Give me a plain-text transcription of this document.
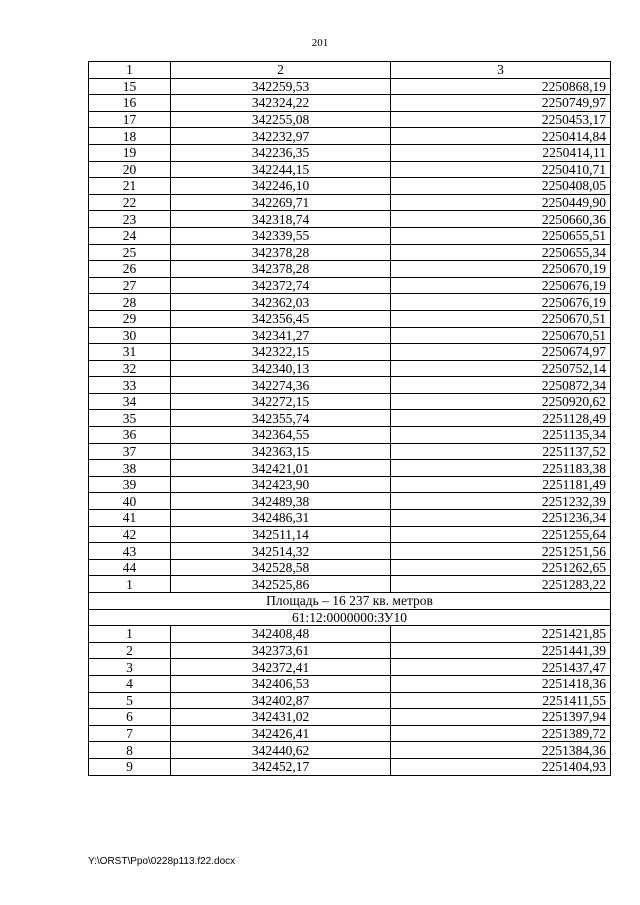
201
1	2	3
15	342259,53	2250868,19
16	342324,22	2250749,97
17	342255,08	2250453,17
18	342232,97	2250414,84
19	342236,35	2250414,11
20	342244,15	2250410,71
21	342246,10	2250408,05
22	342269,71	2250449,90
23	342318,74	2250660,36
24	342339,55	2250655,51
25	342378,28	2250655,34
26	342378,28	2250670,19
27	342372,74	2250676,19
28	342362,03	2250676,19
29	342356,45	2250670,51
30	342341,27	2250670,51
31	342322,15	2250674,97
32	342340,13	2250752,14
33	342274,36	2250872,34
34	342272,15	2250920,62
35	342355,74	2251128,49
36	342364,55	2251135,34
37	342363,15	2251137,52
38	342421,01	2251183,38
39	342423,90	2251181,49
40	342489,38	2251232,39
41	342486,31	2251236,34
42	342511,14	2251255,64
43	342514,32	2251251,56
44	342528,58	2251262,65
1	342525,86	2251283,22
Площадь – 16 237 кв. метров		
61:12:0000000:ЗУ10		
1	342408,48	2251421,85
2	342373,61	2251441,39
3	342372,41	2251437,47
4	342406,53	2251418,36
5	342402,87	2251411,55
6	342431,02	2251397,94
7	342426,41	2251389,72
8	342440,62	2251384,36
9	342452,17	2251404,93
Y:\ORST\Ppo\0228p113.f22.docx
